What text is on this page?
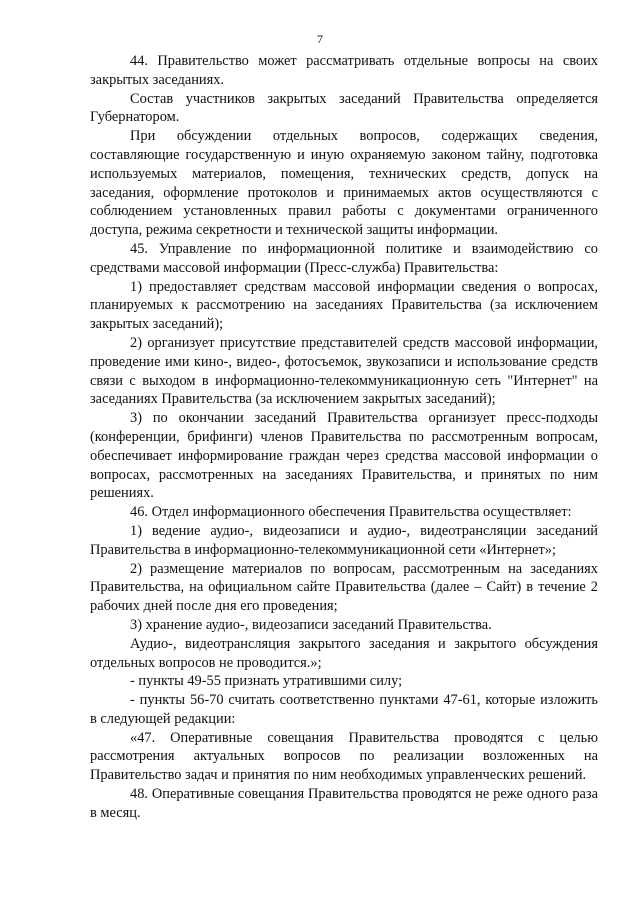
7

44. Правительство может рассматривать отдельные вопросы на своих закрытых заседаниях.

Состав участников закрытых заседаний Правительства определяется Губернатором.

При обсуждении отдельных вопросов, содержащих сведения, составляющие государственную и иную охраняемую законом тайну, подготовка используемых материалов, помещения, технических средств, допуск на заседания, оформление протоколов и принимаемых актов осуществляются с соблюдением установленных правил работы с документами ограниченного доступа, режима секретности и технической защиты информации.

45. Управление по информационной политике и взаимодействию со средствами массовой информации (Пресс-служба) Правительства:

1) предоставляет средствам массовой информации сведения о вопросах, планируемых к рассмотрению на заседаниях Правительства (за исключением закрытых заседаний);

2) организует присутствие представителей средств массовой информации, проведение ими кино-, видео-, фотосъемок, звукозаписи и использование средств связи с выходом в информационно-телекоммуникационную сеть "Интернет" на заседаниях Правительства (за исключением закрытых заседаний);

3) по окончании заседаний Правительства организует пресс-подходы (конференции, брифинги) членов Правительства по рассмотренным вопросам, обеспечивает информирование граждан через средства массовой информации о вопросах, рассмотренных на заседаниях Правительства, и принятых по ним решениях.

46. Отдел информационного обеспечения Правительства осуществляет:

1) ведение аудио-, видеозаписи и аудио-, видеотрансляции заседаний Правительства в информационно-телекоммуникационной сети «Интернет»;

2) размещение материалов по вопросам, рассмотренным на заседаниях Правительства, на официальном сайте Правительства (далее – Сайт) в течение 2 рабочих дней после дня его проведения;

3) хранение аудио-, видеозаписи заседаний Правительства.

Аудио-, видеотрансляция закрытого заседания и закрытого обсуждения отдельных вопросов не проводится.»;

- пункты 49-55 признать утратившими силу;

- пункты 56-70 считать соответственно пунктами 47-61, которые изложить в следующей редакции:

«47. Оперативные совещания Правительства проводятся с целью рассмотрения актуальных вопросов по реализации возложенных на Правительство задач и принятия по ним необходимых управленческих решений.

48. Оперативные совещания Правительства проводятся не реже одного раза в месяц.
